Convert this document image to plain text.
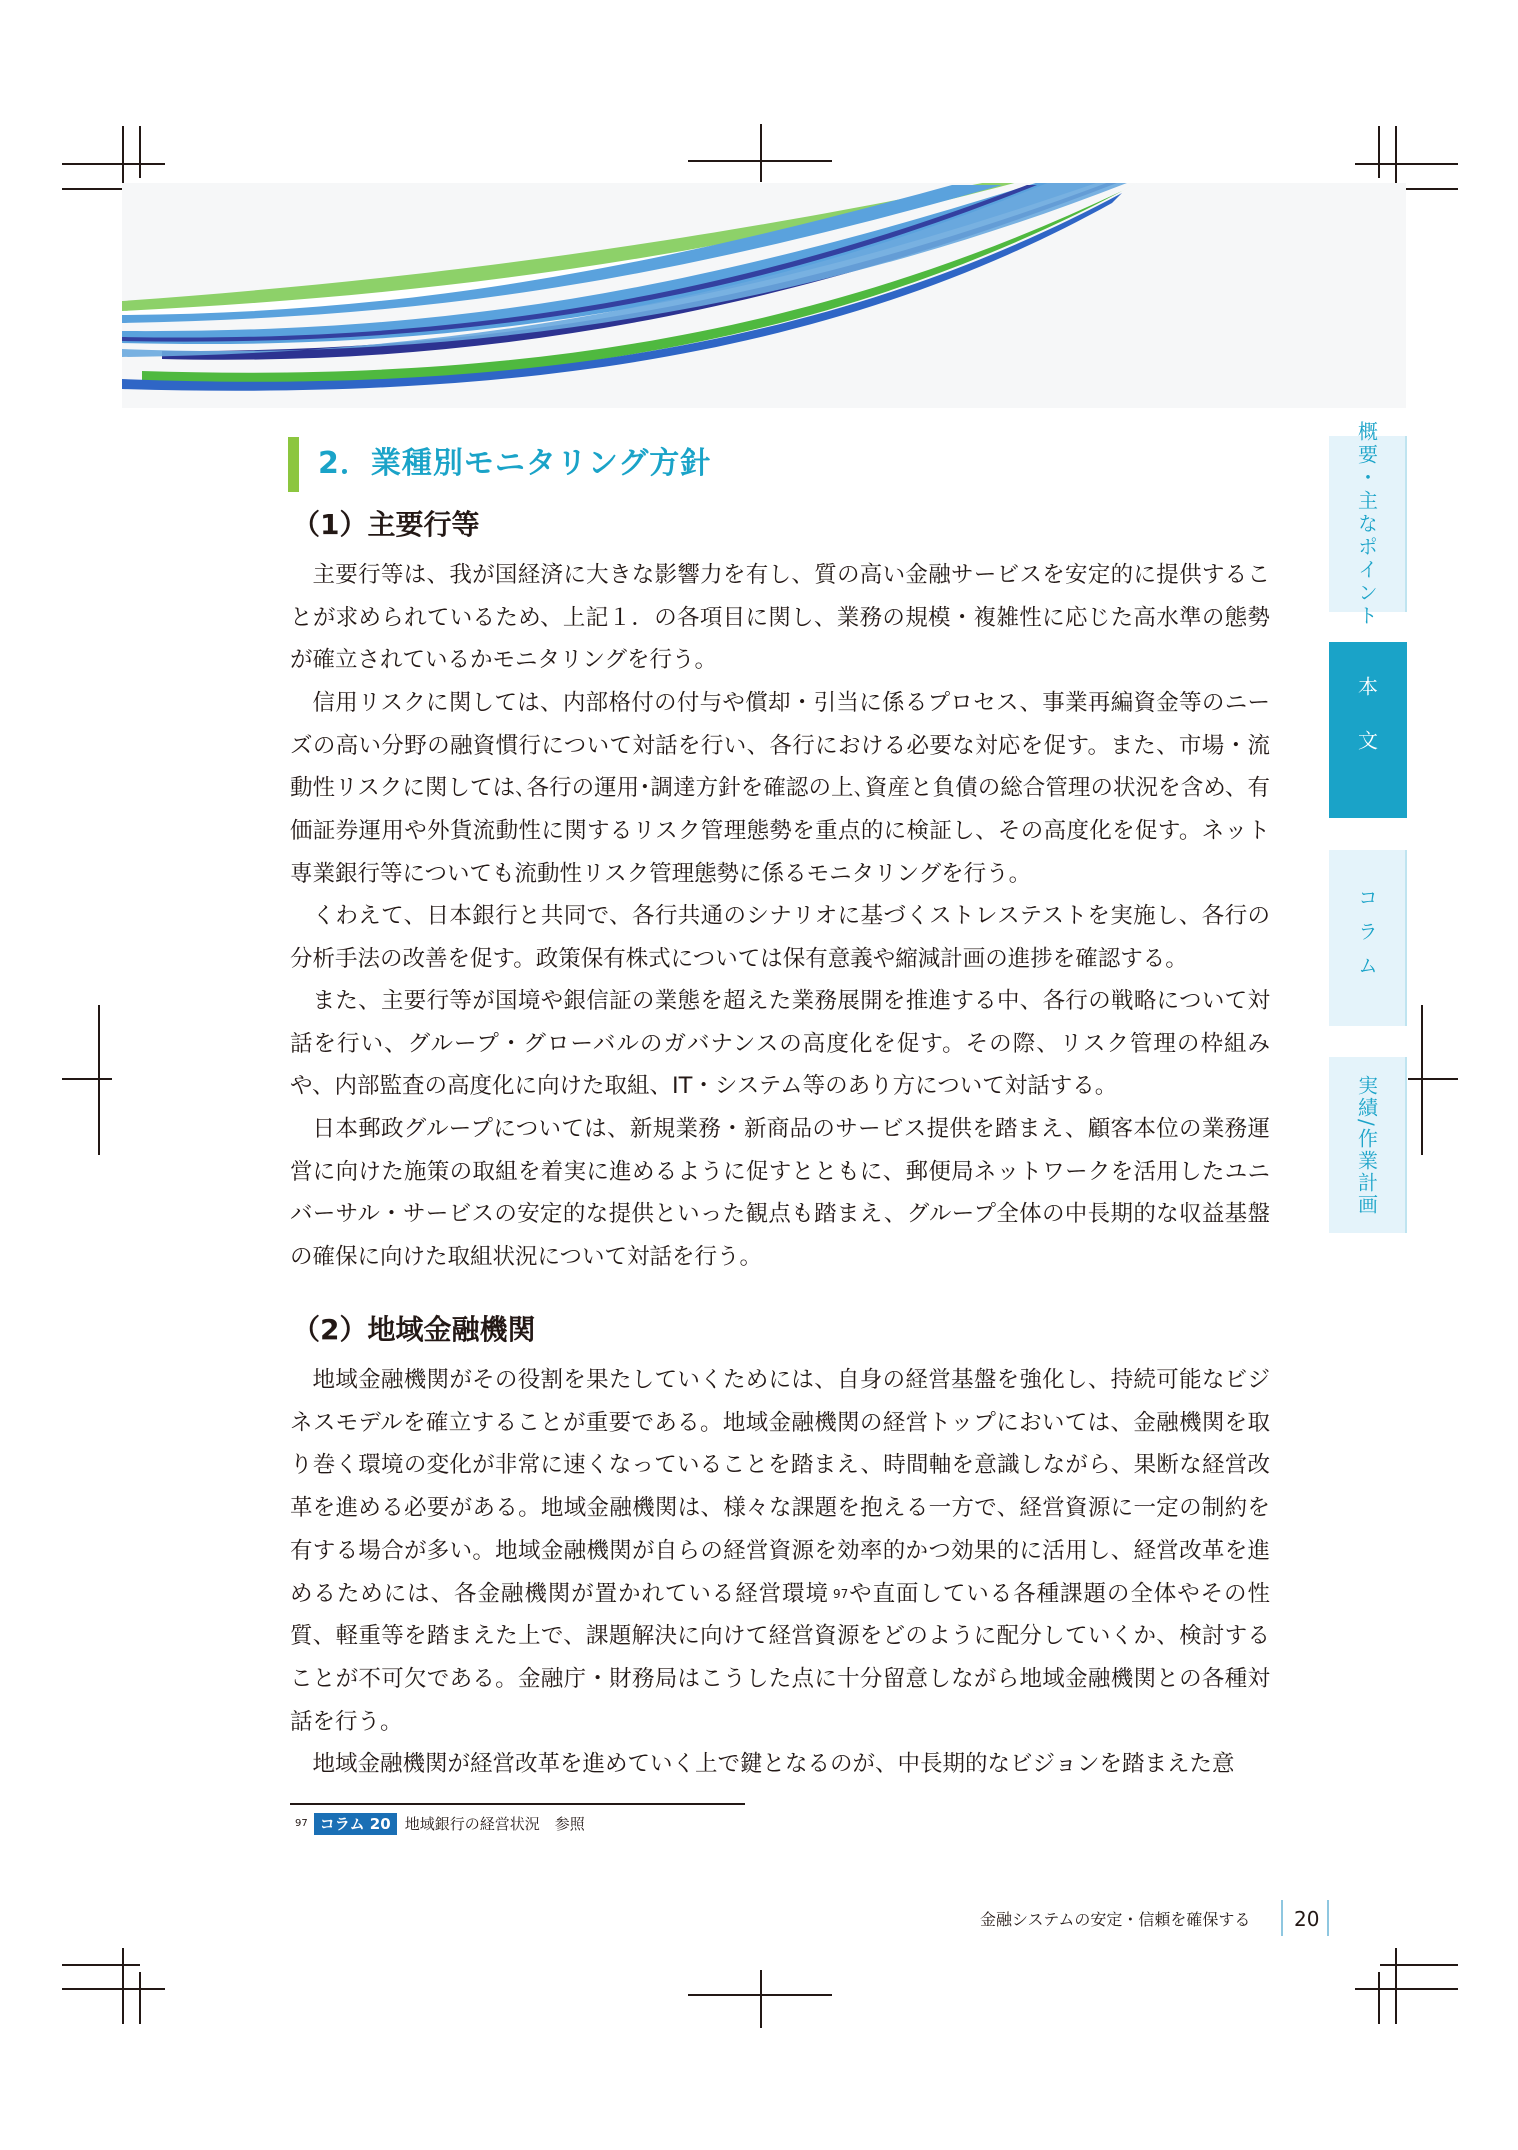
2．業種別モニタリング方針
（1）主要行等

主要行等は、我が国経済に大きな影響力を有し、質の高い金融サービスを安定的に提供することが求められているため、上記１．の各項目に関し、業務の規模・複雑性に応じた高水準の態勢が確立されているかモニタリングを行う。

信用リスクに関しては、内部格付の付与や償却・引当に係るプロセス、事業再編資金等のニーズの高い分野の融資慣行について対話を行い、各行における必要な対応を促す。また、市場・流動性リスクに関しては､各行の運用･調達方針を確認の上､資産と負債の総合管理の状況を含め、有価証券運用や外貨流動性に関するリスク管理態勢を重点的に検証し、その高度化を促す。ネット専業銀行等についても流動性リスク管理態勢に係るモニタリングを行う。

くわえて、日本銀行と共同で、各行共通のシナリオに基づくストレステストを実施し、各行の分析手法の改善を促す。政策保有株式については保有意義や縮減計画の進捗を確認する。

また、主要行等が国境や銀信証の業態を超えた業務展開を推進する中、各行の戦略について対話を行い、グループ・グローバルのガバナンスの高度化を促す。その際、リスク管理の枠組みや、内部監査の高度化に向けた取組、IT・システム等のあり方について対話する。

日本郵政グループについては、新規業務・新商品のサービス提供を踏まえ、顧客本位の業務運営に向けた施策の取組を着実に進めるように促すとともに、郵便局ネットワークを活用したユニバーサル・サービスの安定的な提供といった観点も踏まえ、グループ全体の中長期的な収益基盤の確保に向けた取組状況について対話を行う。

（2）地域金融機関

地域金融機関がその役割を果たしていくためには、自身の経営基盤を強化し、持続可能なビジネスモデルを確立することが重要である。地域金融機関の経営トップにおいては、金融機関を取り巻く環境の変化が非常に速くなっていることを踏まえ、時間軸を意識しながら、果断な経営改革を進める必要がある。地域金融機関は、様々な課題を抱える一方で、経営資源に一定の制約を有する場合が多い。地域金融機関が自らの経営資源を効率的かつ効果的に活用し、経営改革を進めるためには、各金融機関が置かれている経営環境 $^{97}$や直面している各種課題の全体やその性質、軽重等を踏まえた上で、課題解決に向けて経営資源をどのように配分していくか、検討することが不可欠である。金融庁・財務局はこうした点に十分留意しながら地域金融機関との各種対話を行う。

地域金融機関が経営改革を進めていく上で鍵となるのが、中長期的なビジョンを踏まえた意

$^{97}$ コラム 20 地域銀行の経営状況　参照
概要・主なポイント
本文
コラム
実績/作業計画
金融システムの安定・信頼を確保する 20
